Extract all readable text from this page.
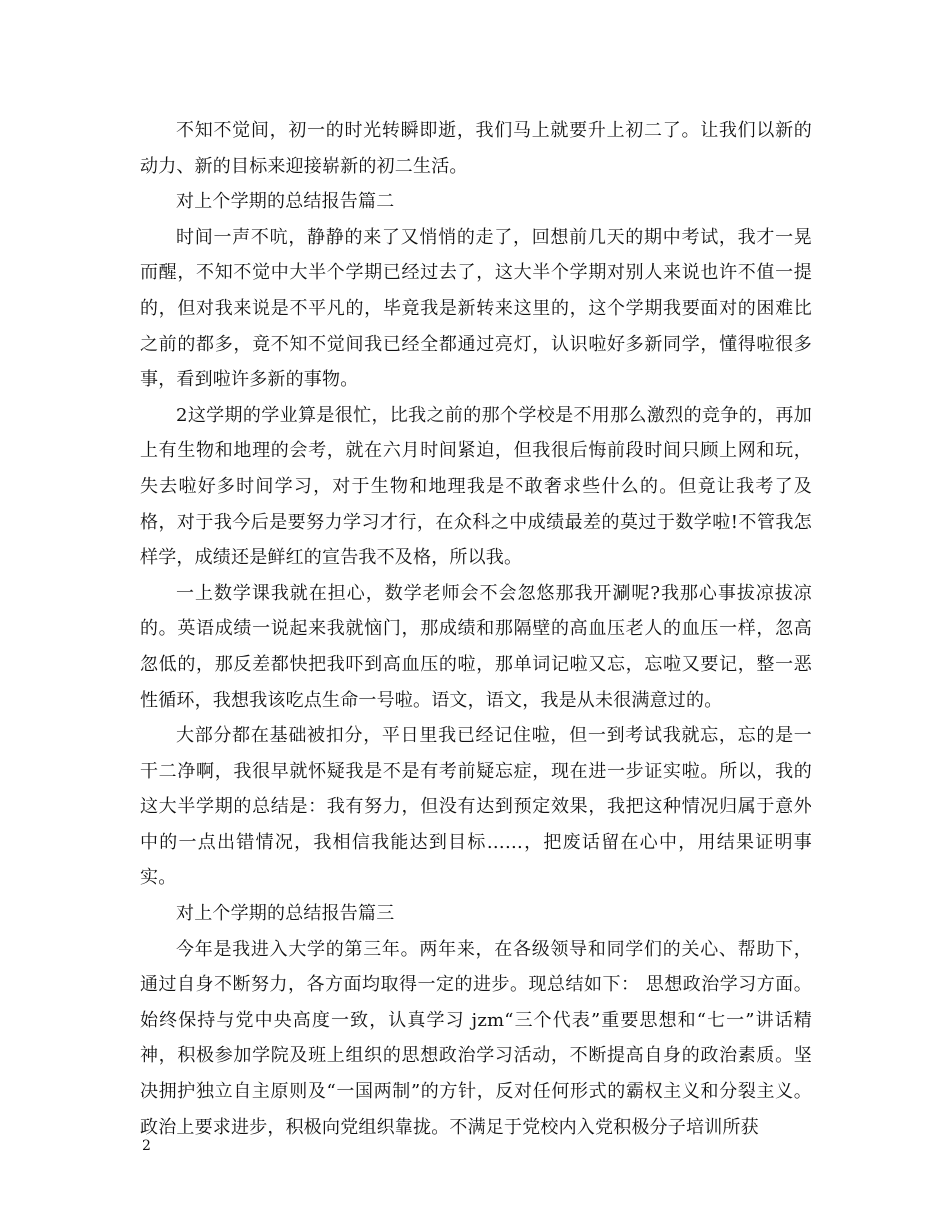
不知不觉间，初一的时光转瞬即逝，我们马上就要升上初二了。让我们以新的动力、新的目标来迎接崭新的初二生活。

对上个学期的总结报告篇二

时间一声不吭，静静的来了又悄悄的走了，回想前几天的期中考试，我才一晃而醒，不知不觉中大半个学期已经过去了，这大半个学期对别人来说也许不值一提的，但对我来说是不平凡的，毕竟我是新转来这里的，这个学期我要面对的困难比之前的都多，竟不知不觉间我已经全都通过亮灯，认识啦好多新同学，懂得啦很多事，看到啦许多新的事物。

2这学期的学业算是很忙，比我之前的那个学校是不用那么激烈的竞争的，再加上有生物和地理的会考，就在六月时间紧迫，但我很后悔前段时间只顾上网和玩，失去啦好多时间学习，对于生物和地理我是不敢奢求些什么的。但竟让我考了及格，对于我今后是要努力学习才行，在众科之中成绩最差的莫过于数学啦!不管我怎样学，成绩还是鲜红的宣告我不及格，所以我。

一上数学课我就在担心，数学老师会不会忽悠那我开涮呢?我那心事拔凉拔凉的。英语成绩一说起来我就恼门，那成绩和那隔壁的高血压老人的血压一样，忽高忽低的，那反差都快把我吓到高血压的啦，那单词记啦又忘，忘啦又要记，整一恶性循环，我想我该吃点生命一号啦。语文，语文，我是从未很满意过的。

大部分都在基础被扣分，平日里我已经记住啦，但一到考试我就忘，忘的是一干二净啊，我很早就怀疑我是不是有考前疑忘症，现在进一步证实啦。所以，我的这大半学期的总结是：我有努力，但没有达到预定效果，我把这种情况归属于意外中的一点出错情况，我相信我能达到目标……，把废话留在心中，用结果证明事实。

对上个学期的总结报告篇三

今年是我进入大学的第三年。两年来，在各级领导和同学们的关心、帮助下，通过自身不断努力，各方面均取得一定的进步。现总结如下： 思想政治学习方面。始终保持与党中央高度一致，认真学习 jzm“三个代表”重要思想和“七一”讲话精神，积极参加学院及班上组织的思想政治学习活动，不断提高自身的政治素质。坚决拥护独立自主原则及“一国两制”的方针，反对任何形式的霸权主义和分裂主义。政治上要求进步，积极向党组织靠拢。不满足于党校内入党积极分子培训所获

2
